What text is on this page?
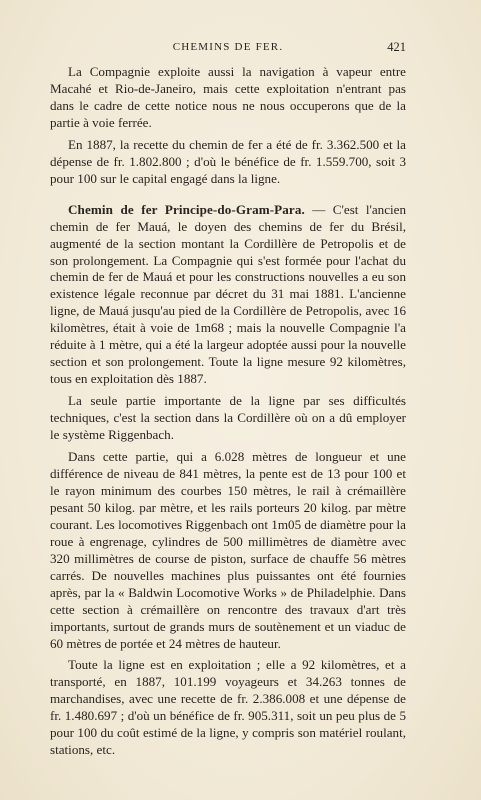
CHEMINS DE FER.	421

La Compagnie exploite aussi la navigation à vapeur entre Macahé et Rio-de-Janeiro, mais cette exploitation n'entrant pas dans le cadre de cette notice nous ne nous occuperons que de la partie à voie ferrée.

En 1887, la recette du chemin de fer a été de fr. 3.362.500 et la dépense de fr. 1.802.800 ; d'où le bénéfice de fr. 1.559.700, soit 3 pour 100 sur le capital engagé dans la ligne.

Chemin de fer Principe-do-Gram-Para. — C'est l'ancien chemin de fer Mauá, le doyen des chemins de fer du Brésil, augmenté de la section montant la Cordillère de Petropolis et de son prolongement. La Compagnie qui s'est formée pour l'achat du chemin de fer de Mauá et pour les constructions nouvelles a eu son existence légale reconnue par décret du 31 mai 1881. L'ancienne ligne, de Mauá jusqu'au pied de la Cordillère de Petropolis, avec 16 kilomètres, était à voie de 1m68 ; mais la nouvelle Compagnie l'a réduite à 1 mètre, qui a été la largeur adoptée aussi pour la nouvelle section et son prolongement. Toute la ligne mesure 92 kilomètres, tous en exploitation dès 1887.

La seule partie importante de la ligne par ses difficultés techniques, c'est la section dans la Cordillère où on a dû employer le système Riggenbach.

Dans cette partie, qui a 6.028 mètres de longueur et une différence de niveau de 841 mètres, la pente est de 13 pour 100 et le rayon minimum des courbes 150 mètres, le rail à crémaillère pesant 50 kilog. par mètre, et les rails porteurs 20 kilog. par mètre courant. Les locomotives Riggenbach ont 1m05 de diamètre pour la roue à engrenage, cylindres de 500 millimètres de diamètre avec 320 millimètres de course de piston, surface de chauffe 56 mètres carrés. De nouvelles machines plus puissantes ont été fournies après, par la « Baldwin Locomotive Works » de Philadelphie. Dans cette section à crémaillère on rencontre des travaux d'art très importants, surtout de grands murs de soutènement et un viaduc de 60 mètres de portée et 24 mètres de hauteur.

Toute la ligne est en exploitation ; elle a 92 kilomètres, et a transporté, en 1887, 101.199 voyageurs et 34.263 tonnes de marchandises, avec une recette de fr. 2.386.008 et une dépense de fr. 1.480.697 ; d'où un bénéfice de fr. 905.311, soit un peu plus de 5 pour 100 du coût estimé de la ligne, y compris son matériel roulant, stations, etc.
